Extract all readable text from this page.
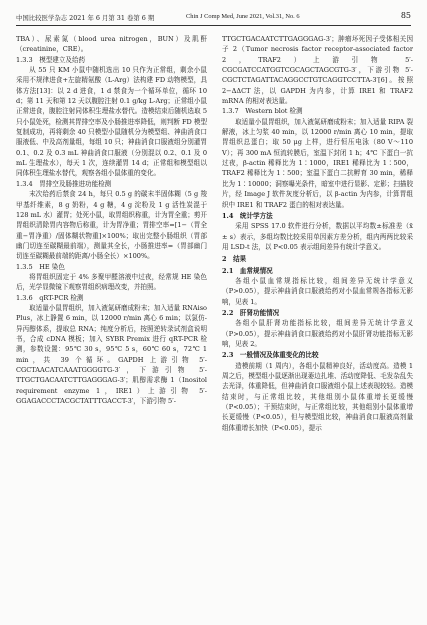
中国比较医学杂志 2021 年 6 月第 31 卷第 6 期	Chin J Comp Med, June 2021, Vol.31, No. 6	85

TBA）、尿素氮（blood urea nitrogen，BUN）及肌酐（creatinine，CRE）。

1.3.3　模型建立及给药

从 55 只 KM 小鼠中随机选出 10 只作为正常组，剩余小鼠采用不规律进食+左旋精氨酸（L-Arg）法构建 FD 动物模型，具体方法[13]：以 2 d 进食，1 d 禁食为一个循环单位，循环 10 d；第 11 天和第 12 天以腹腔注射 0.1 g/kg L-Arg；正常组小鼠正常进食，腹腔注射同体积生理盐水替代。造模结束后随机选取 5 只小鼠处死，检测其胃排空率及小肠推进率降低，则判断 FD 模型复制成功，再将剩余 40 只模型小鼠随机分为模型组、神曲消食口服液低、中及高剂量组，每组 10 只；神曲消食口服液组分别灌胃 0.1、0.2 及 0.3 mL 神曲消食口服液（分别混以 0.2、0.1 及 0 mL 生理盐水），每天 1 次，连续灌胃 14 d；正常组和模型组以同体积生理盐水替代，观察各组小鼠体重的变化。

1.3.4　胃排空及肠推进功能检测

末次给药后禁食 24 h，每只 0.5 g 的碳末半固体糊（5 g 羧甲基纤维素，8 g 奶粉，4 g 糖，4 g 淀粉及 1 g 活性炭混于 128 mL 水）灌胃；处死小鼠，取胃组织称重，计为胃全重；剪开胃组织清除胃内容物后称重，计为胃净重；胃排空率=[1−（胃全重−胃净重）/固体糊状物重]×100%；取出完整小肠组织（胃部幽门切连至碳糊最前端），测量其全长，小肠推进率=（胃部幽门切连至碳糊最前端的距离/小肠全长）×100%。

1.3.5　HE 染色

将胃组织固定于 4% 多聚甲醛溶液中过夜，经常规 HE 染色后，光学显微镜下观察胃组织病理改变，并拍照。

1.3.6　qRT-PCR 检测

取适量小鼠胃组织，加入液氮研磨成粉末；加入适量 RNAiso Plus，冰上静置 6 min，以 12000 r/min 离心 6 min；以氯仿-异丙醇体系，提取总 RNA；纯度分析后，按照逆转录试剂盒说明书，合成 cDNA 模板；加入 SYBR Premix 进行 qRT-PCR 检测，参数设置：95℃ 30 s，95℃ 5 s，60℃ 60 s，72℃ 1 min，共 39 个循环。GAPDH 上游引物 5′-CGCTAACATCAAATGGGGTG-3′，下游引物 5′-TTGCTGACAATCTTGAGGGAG-3′；肌醇需求酶 1（Inositol requirement enzyme 1，IRE1）上游引物 5′-GGAGACCCTACGCTATTTGACCT-3′，下游引物 5′-

TTGCTGACAATCTTGAGGGAG-3′；肿瘤坏死因子受体相关因子 2（Tumor necrosis factor receptor-associated factor 2，TRAF2）上游引物 5′-CGCGATCCATGGTCGCAGCTAGCGTG-3′，下游引物 5′-CGCTCTAGATTACAGGCCTGTCAGGTCCTTA-3′[6]。按照 2−ΔΔCT 法，以 GAPDH 为内参，计算 IRE1 和 TRAF2 mRNA 的相对表达量。

1.3.7　Western blot 检测

取适量小鼠胃组织，加入液氮研磨成粉末；加入适量 RIPA 裂解液，冰上匀浆 40 min，以 12000 r/min 离心 10 min，提取胃组织总蛋白；取 50 μg 上样，进行恒压电泳（80 V～110 V）；再 300 mA 恒流转膜后，室温下封闭 1 h；4℃ 下蛋白一抗过夜，β-actin 稀释比为 1∶1000，IRE1 稀释比为 1∶500，TRAF2 稀释比为 1∶500；室温下蛋白二抗孵育 30 min，稀释比为 1∶10000；洞察曝光条件，暗室中进行显影、定影；扫描胶片，经 Image J 软件灰度分析后，以 β-actin 为内参，计算胃组织中 IRE1 和 TRAF2 蛋白的相对表达量。

1.4　统计学方法

采用 SPSS 17.0 软件进行分析，数据以平均数±标准差（x̄ ± s）表示，多组均数比较采用单因素方差分析，组内两两比较采用 LSD-t 法，以 P<0.05 表示组间差异有统计学意义。

2　结果
2.1　血常规情况

各组小鼠血常规指标比较，组间差异无统计学意义（P>0.05），提示神曲消食口服液给药对小鼠血常规各指标无影响，见表 1。

2.2　肝肾功能情况

各组小鼠肝肾功能指标比较，组间差异无统计学意义（P>0.05），提示神曲消食口服液给药对小鼠肝肾功能指标无影响，见表 2。

2.3　一般情况及体重变化的比较

造模前期（1 周内），各组小鼠精神良好，活动度高。造模 1 周之后，模型组小鼠逐渐出现萎边扎堆、活动度降低、毛发杂乱失去光泽，体重降低，但神曲消食口服液组小鼠上述表现较轻。造模结束时，与正常组比较，其他组别小鼠体重增长更缓慢（P<0.05）；干预结束时，与正常组比较，其他组别小鼠体重增长更缓慢（P<0.05），但与模型组比较，神曲消食口服液高剂量组体重增长加快（P<0.05），提示
